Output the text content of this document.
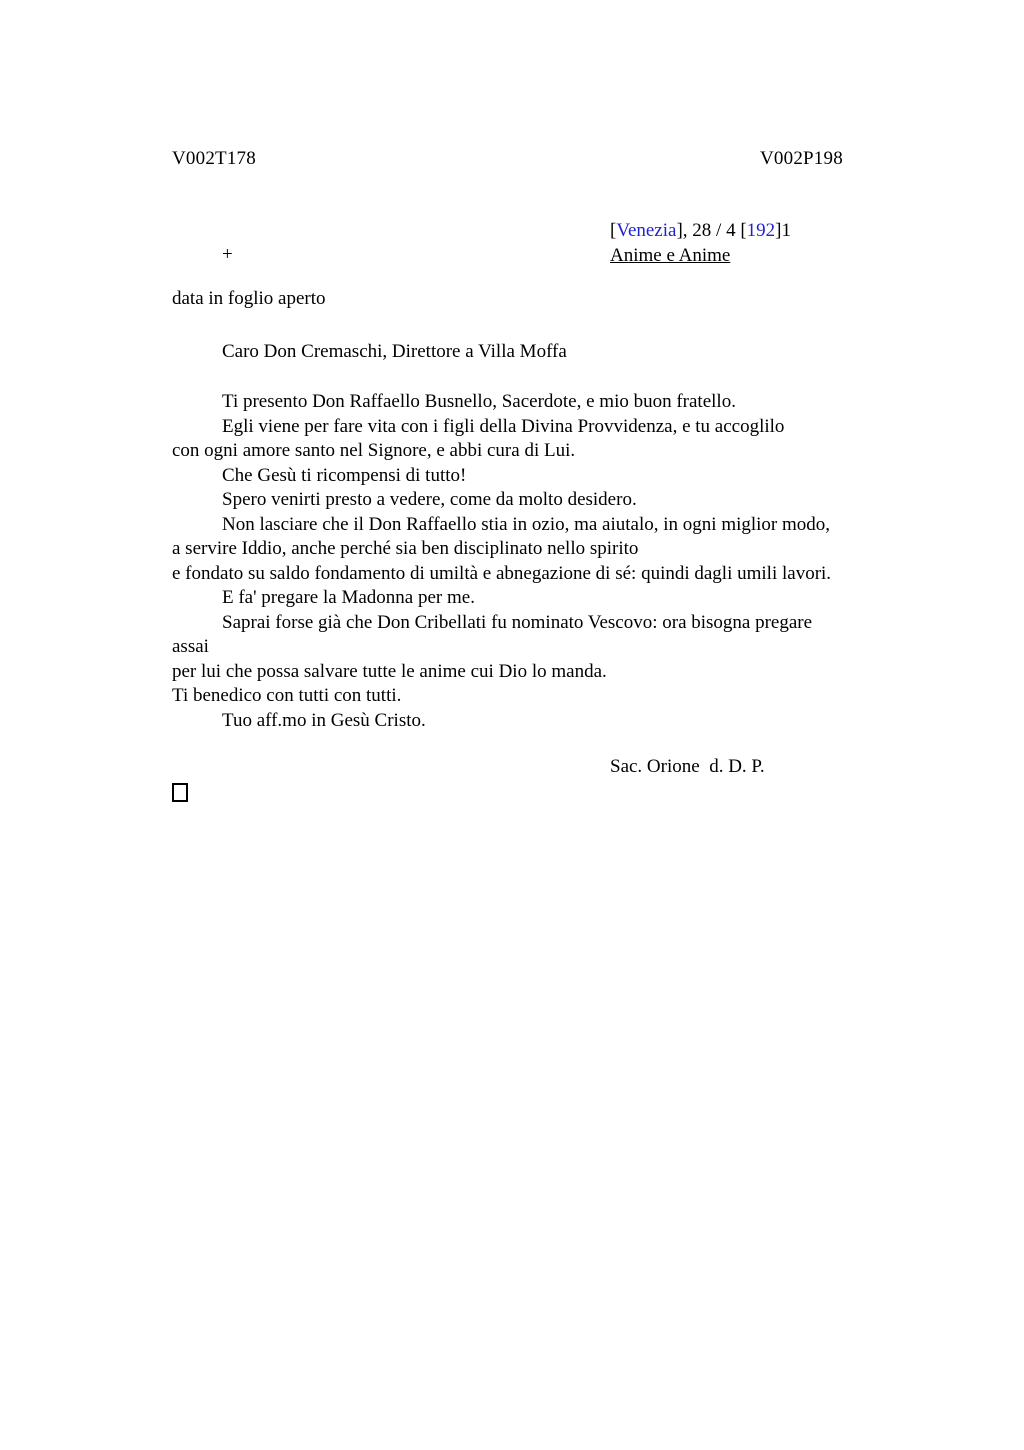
V002T178	V002P198
[Venezia], 28 / 4 [192]1
Anime e Anime
+
data in foglio aperto
Caro Don Cremaschi, Direttore a Villa Moffa
Ti presento Don Raffaello Busnello, Sacerdote, e mio buon fratello.
Egli viene per fare vita con i figli della Divina Provvidenza, e tu accoglilo
con ogni amore santo nel Signore, e abbi cura di Lui.
Che Gesù ti ricompensi di tutto!
Spero venirti presto a vedere, come da molto desidero.
Non lasciare che il Don Raffaello stia in ozio, ma aiutalo, in ogni miglior modo,
a servire Iddio, anche perché sia ben disciplinato nello spirito
e fondato su saldo fondamento di umiltà e abnegazione di sé: quindi dagli umili lavori.
E fa' pregare la Madonna per me.
Saprai forse già che Don Cribellati fu nominato Vescovo: ora bisogna pregare
assai
per lui che possa salvare tutte le anime cui Dio lo manda.
Ti benedico con tutti con tutti.
Tuo aff.mo in Gesù Cristo.
Sac. Orione  d. D. P.
